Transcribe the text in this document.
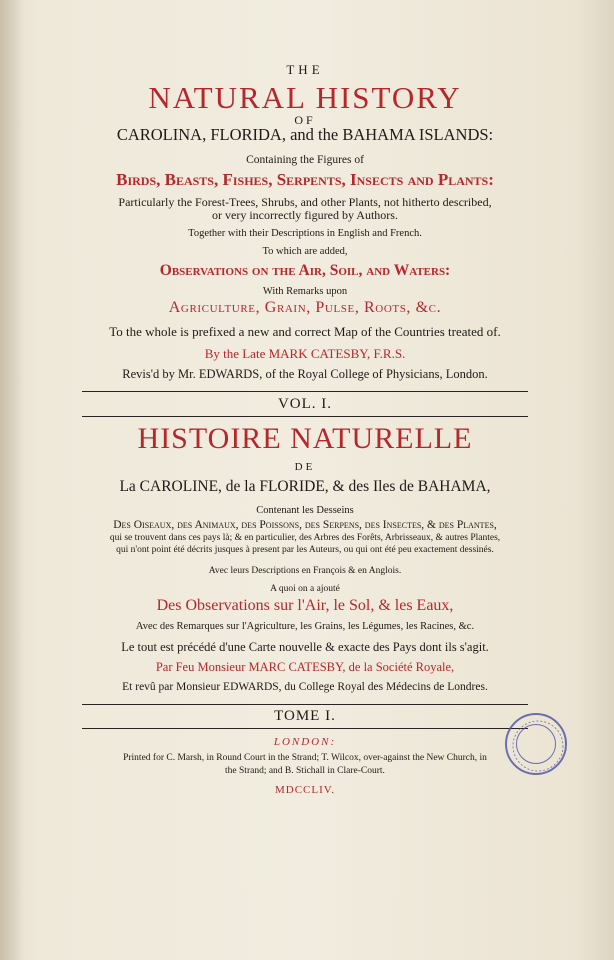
THE
NATURAL HISTORY
OF
CAROLINA, FLORIDA, and the BAHAMA ISLANDS:
Containing the Figures of
Birds, Beasts, Fishes, Serpents, Insects and Plants:
Particularly the Forest-Trees, Shrubs, and other Plants, not hitherto described,
or very incorrectly figured by Authors.
Together with their Descriptions in English and French.
To which are added,
Observations on the Air, Soil, and Waters:
With Remarks upon
Agriculture, Grain, Pulse, Roots, &c.
To the whole is prefixed a new and correct Map of the Countries treated of.
By the Late MARK CATESBY, F.R.S.
Revis'd by Mr. EDWARDS, of the Royal College of Physicians, London.
VOL. I.
HISTOIRE NATURELLE
DE
La CAROLINE, de la FLORIDE, & des Iles de BAHAMA,
Contenant les Desseins
Des Oiseaux, des Animaux, des Poissons, des Serpens, des Insectes, & des Plantes,
qui se trouvent dans ces pays là; & en particulier, des Arbres des Forêts, Arbrisseaux, & autres Plantes,
qui n'ont point été décrits jusques à present par les Auteurs, ou qui ont été peu exactement dessinés.
Avec leurs Descriptions en François & en Anglois.
A quoi on a ajouté
Des Observations sur l'Air, le Sol, & les Eaux,
Avec des Remarques sur l'Agriculture, les Grains, les Légumes, les Racines, &c.
Le tout est précédé d'une Carte nouvelle & exacte des Pays dont ils s'agit.
Par Feu Monsieur MARC CATESBY, de la Société Royale,
Et revû par Monsieur EDWARDS, du College Royal des Médecins de Londres.
TOME I.
LONDON:
Printed for C. Marsh, in Round Court in the Strand; T. Wilcox, over-against the New Church, in
the Strand; and B. Stichall in Clare-Court.
MDCCLIV.
